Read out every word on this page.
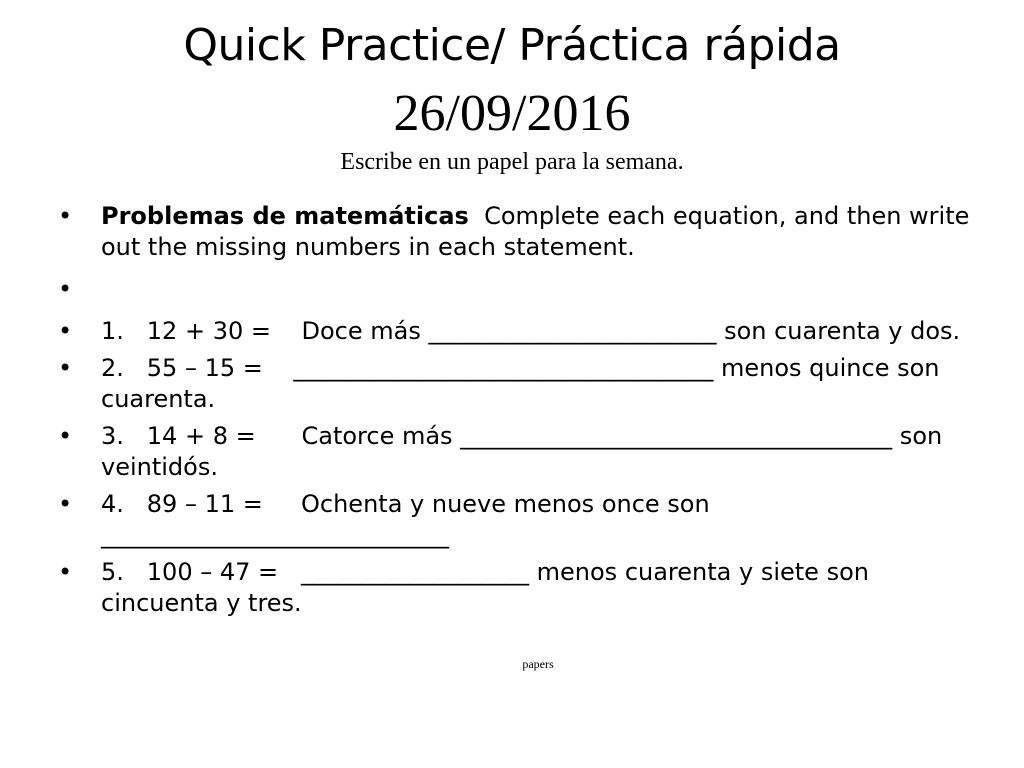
Quick Practice/ Práctica rápida
26/09/2016
Escribe en un papel para la semana.
• Problemas de matemáticas  Complete each equation, and then write out the missing numbers in each statement.
•
• 1.   12 + 30 =    Doce más ________________________ son cuarenta y dos.
• 2.   55 – 15 =    ___________________________________ menos quince son cuarenta.
• 3.   14 + 8 =      Catorce más ____________________________________ son veintidós.
• 4.   89 – 11 =     Ochenta y nueve menos once son _____________________________
• 5.   100 – 47 =   ___________________ menos cuarenta y siete son cincuenta y tres.
papers
